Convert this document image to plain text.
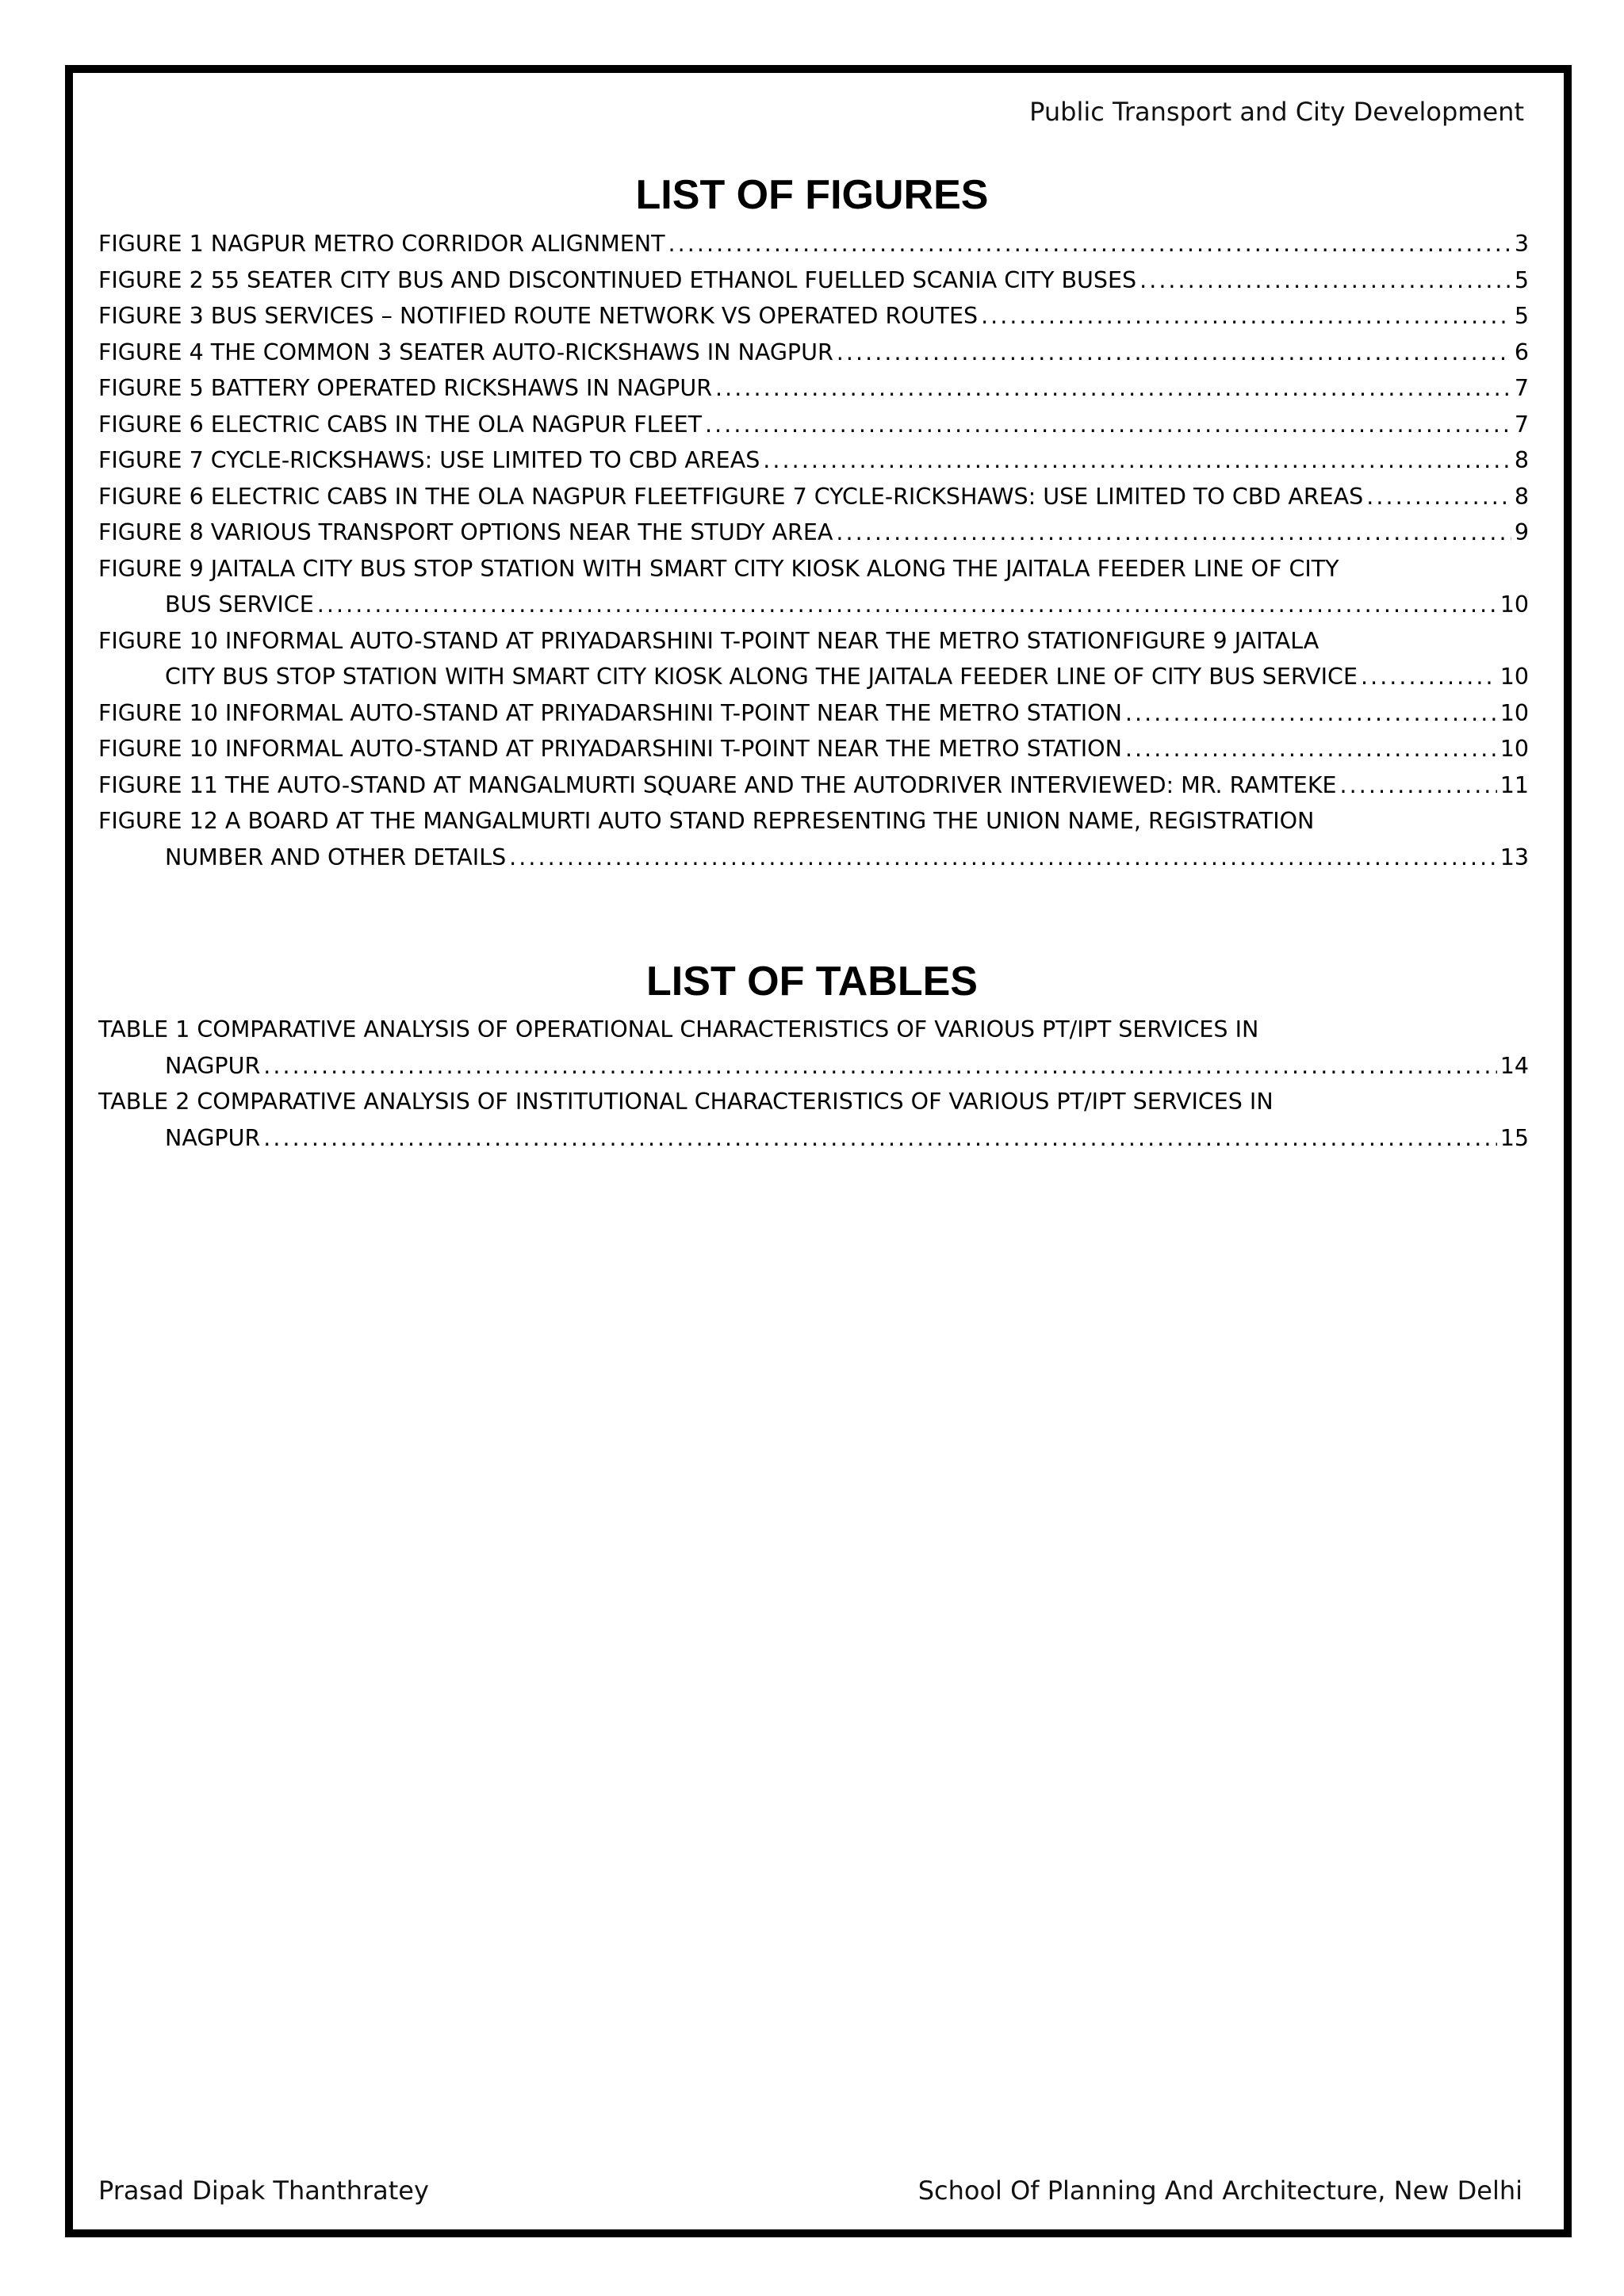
Public Transport and City Development
LIST OF FIGURES
FIGURE 1 NAGPUR METRO CORRIDOR ALIGNMENT . . .	3
FIGURE 2 55 SEATER CITY BUS AND DISCONTINUED ETHANOL FUELLED SCANIA CITY BUSES . . .	5
FIGURE 3 BUS SERVICES – NOTIFIED ROUTE NETWORK VS OPERATED ROUTES . . .	5
FIGURE 4 THE COMMON 3 SEATER AUTO-RICKSHAWS IN NAGPUR . . .	6
FIGURE 5 BATTERY OPERATED RICKSHAWS IN NAGPUR . . .	7
FIGURE 6 ELECTRIC CABS IN THE OLA NAGPUR FLEET . . .	7
FIGURE 7 CYCLE-RICKSHAWS: USE LIMITED TO CBD AREAS . . .	8
FIGURE 6 ELECTRIC CABS IN THE OLA NAGPUR FLEETFIGURE 7 CYCLE-RICKSHAWS: USE LIMITED TO CBD AREAS . . .	8
FIGURE 8 VARIOUS TRANSPORT OPTIONS NEAR THE STUDY AREA . . .	9
FIGURE 9 JAITALA CITY BUS STOP STATION WITH SMART CITY KIOSK ALONG THE JAITALA FEEDER LINE OF CITY
BUS SERVICE . . .	10
FIGURE 10 INFORMAL AUTO-STAND AT PRIYADARSHINI T-POINT NEAR THE METRO STATIONFIGURE 9 JAITALA
CITY BUS STOP STATION WITH SMART CITY KIOSK ALONG THE JAITALA FEEDER LINE OF CITY BUS SERVICE . . .	10
FIGURE 10 INFORMAL AUTO-STAND AT PRIYADARSHINI T-POINT NEAR THE METRO STATION . . .	10
FIGURE 10 INFORMAL AUTO-STAND AT PRIYADARSHINI T-POINT NEAR THE METRO STATION . . .	10
FIGURE 11 THE AUTO-STAND AT MANGALMURTI SQUARE AND THE AUTODRIVER INTERVIEWED: MR. RAMTEKE . . .	11
FIGURE 12 A BOARD AT THE MANGALMURTI AUTO STAND REPRESENTING THE UNION NAME, REGISTRATION
NUMBER AND OTHER DETAILS . . .	13
LIST OF TABLES
TABLE 1 COMPARATIVE ANALYSIS OF OPERATIONAL CHARACTERISTICS OF VARIOUS PT/IPT SERVICES IN
NAGPUR . . .	14
TABLE 2 COMPARATIVE ANALYSIS OF INSTITUTIONAL CHARACTERISTICS OF VARIOUS PT/IPT SERVICES IN
NAGPUR . . .	15
Prasad Dipak Thanthratey	School Of Planning And Architecture, New Delhi
